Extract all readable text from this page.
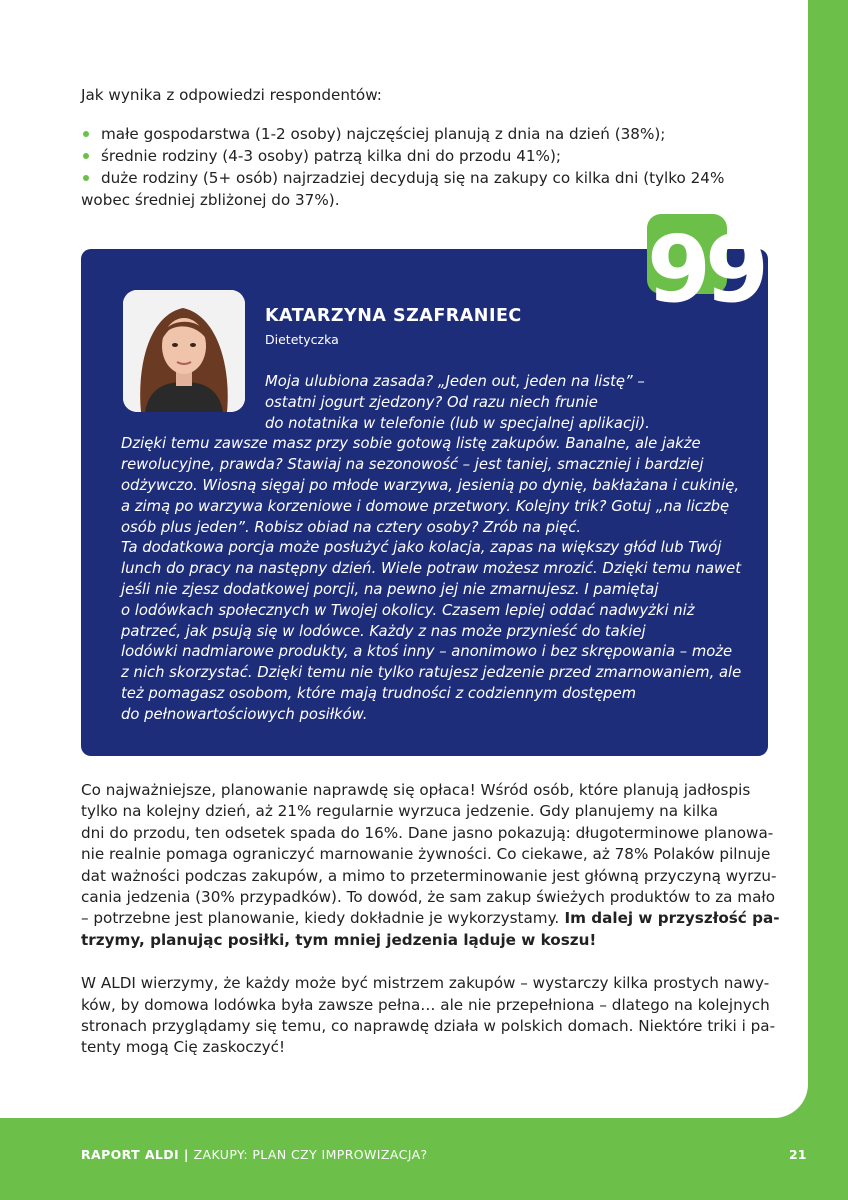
Jak wynika z odpowiedzi respondentów:

małe gospodarstwa (1-2 osoby) najczęściej planują z dnia na dzień (38%);
średnie rodziny (4-3 osoby) patrzą kilka dni do przodu 41%);
duże rodziny (5+ osób) najrzadziej decydują się na zakupy co kilka dni (tylko 24% wobec średniej zbliżonej do 37%).
99
KATARZYNA SZAFRANIEC
Dietetyczka
Moja ulubiona zasada? „Jeden out, jeden na listę” –
ostatni jogurt zjedzony? Od razu niech frunie
do notatnika w telefonie (lub w specjalnej aplikacji).
Dzięki temu zawsze masz przy sobie gotową listę zakupów. Banalne, ale jakże
rewolucyjne, prawda? Stawiaj na sezonowość – jest taniej, smaczniej i bardziej
odżywczo. Wiosną sięgaj po młode warzywa, jesienią po dynię, bakłażana i cukinię,
a zimą po warzywa korzeniowe i domowe przetwory. Kolejny trik? Gotuj „na liczbę
osób plus jeden”. Robisz obiad na cztery osoby? Zrób na pięć.
Ta dodatkowa porcja może posłużyć jako kolacja, zapas na większy głód lub Twój
lunch do pracy na następny dzień. Wiele potraw możesz mrozić. Dzięki temu nawet
jeśli nie zjesz dodatkowej porcji, na pewno jej nie zmarnujesz. I pamiętaj
o lodówkach społecznych w Twojej okolicy. Czasem lepiej oddać nadwyżki niż
patrzeć, jak psują się w lodówce. Każdy z nas może przynieść do takiej
lodówki nadmiarowe produkty, a ktoś inny – anonimowo i bez skrępowania – może
z nich skorzystać. Dzięki temu nie tylko ratujesz jedzenie przed zmarnowaniem, ale
też pomagasz osobom, które mają trudności z codziennym dostępem
do pełnowartościowych posiłków.

Co najważniejsze, planowanie naprawdę się opłaca! Wśród osób, które planują jadłospis
tylko na kolejny dzień, aż 21% regularnie wyrzuca jedzenie. Gdy planujemy na kilka
dni do przodu, ten odsetek spada do 16%. Dane jasno pokazują: długoterminowe planowa-
nie realnie pomaga ograniczyć marnowanie żywności. Co ciekawe, aż 78% Polaków pilnuje
dat ważności podczas zakupów, a mimo to przeterminowanie jest główną przyczyną wyrzu-
cania jedzenia (30% przypadków). To dowód, że sam zakup świeżych produktów to za mało
– potrzebne jest planowanie, kiedy dokładnie je wykorzystamy. Im dalej w przyszłość pa-
trzymy, planując posiłki, tym mniej jedzenia ląduje w koszu!

W ALDI wierzymy, że każdy może być mistrzem zakupów – wystarczy kilka prostych nawy-
ków, by domowa lodówka była zawsze pełna… ale nie przepełniona – dlatego na kolejnych
stronach przyglądamy się temu, co naprawdę działa w polskich domach. Niektóre triki i pa-
tenty mogą Cię zaskoczyć!

RAPORT ALDI | ZAKUPY: PLAN CZY IMPROWIZACJA?	21
